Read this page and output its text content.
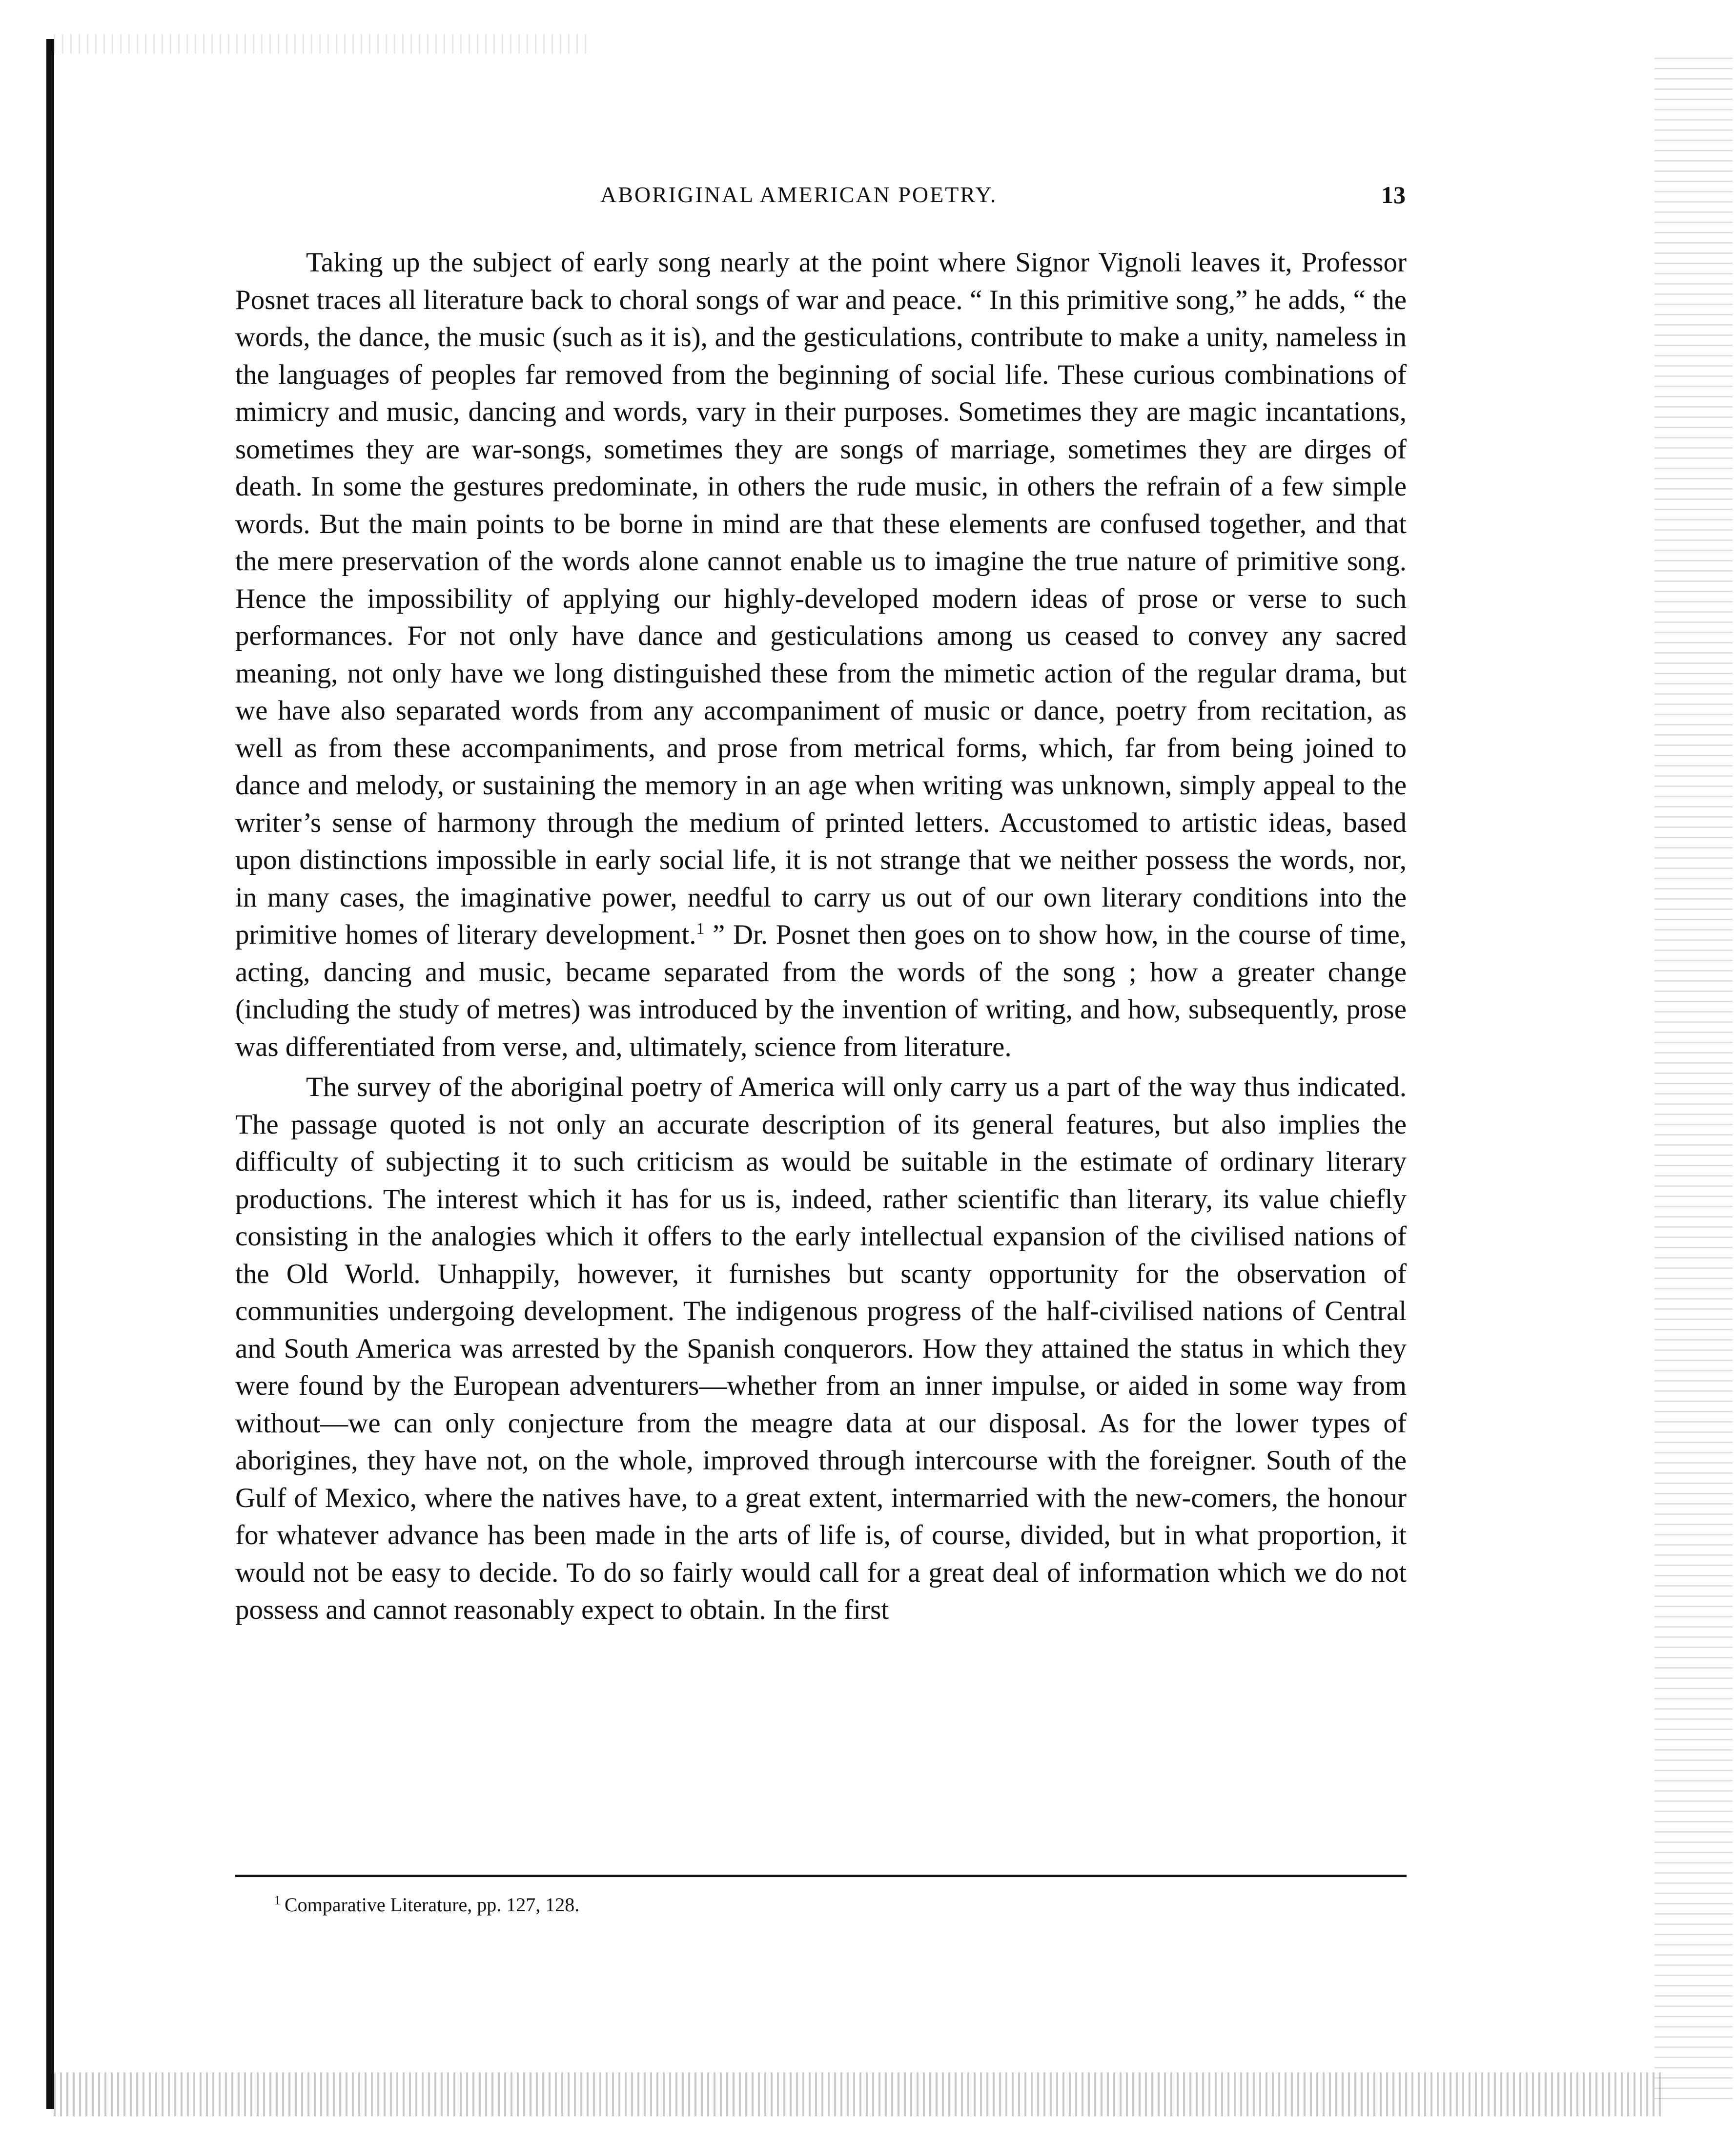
ABORIGINAL AMERICAN POETRY.	13

Taking up the subject of early song nearly at the point where Signor Vignoli leaves it, Professor Posnet traces all literature back to choral songs of war and peace. “ In this primitive song,” he adds, “ the words, the dance, the music (such as it is), and the gesticulations, contribute to make a unity, nameless in the languages of peoples far removed from the beginning of social life. These curious combinations of mimicry and music, dancing and words, vary in their purposes. Sometimes they are magic incantations, sometimes they are war-songs, sometimes they are songs of marriage, sometimes they are dirges of death. In some the gestures predominate, in others the rude music, in others the refrain of a few simple words. But the main points to be borne in mind are that these elements are confused together, and that the mere preservation of the words alone cannot enable us to imagine the true nature of primitive song. Hence the impossibility of applying our highly-developed modern ideas of prose or verse to such performances. For not only have dance and gesticulations among us ceased to convey any sacred meaning, not only have we long distinguished these from the mimetic action of the regular drama, but we have also separated words from any accompaniment of music or dance, poetry from recitation, as well as from these accompaniments, and prose from metrical forms, which, far from being joined to dance and melody, or sustaining the memory in an age when writing was unknown, simply appeal to the writer’s sense of harmony through the medium of printed letters. Accustomed to artistic ideas, based upon distinctions impossible in early social life, it is not strange that we neither possess the words, nor, in many cases, the imaginative power, needful to carry us out of our own literary conditions into the primitive homes of literary development.$^1$ ” Dr. Posnet then goes on to show how, in the course of time, acting, dancing and music, became separated from the words of the song ; how a greater change (including the study of metres) was introduced by the invention of writing, and how, subsequently, prose was differentiated from verse, and, ultimately, science from literature.

The survey of the aboriginal poetry of America will only carry us a part of the way thus indicated. The passage quoted is not only an accurate description of its general features, but also implies the difficulty of subjecting it to such criticism as would be suitable in the estimate of ordinary literary productions. The interest which it has for us is, indeed, rather scientific than literary, its value chiefly consisting in the analogies which it offers to the early intellectual expansion of the civilised nations of the Old World. Unhappily, however, it furnishes but scanty opportunity for the observation of communities undergoing development. The indigenous progress of the half-civilised nations of Central and South America was arrested by the Spanish conquerors. How they attained the status in which they were found by the European adventurers—whether from an inner impulse, or aided in some way from without—we can only conjecture from the meagre data at our disposal. As for the lower types of aborigines, they have not, on the whole, improved through intercourse with the foreigner. South of the Gulf of Mexico, where the natives have, to a great extent, intermarried with the new-comers, the honour for whatever advance has been made in the arts of life is, of course, divided, but in what proportion, it would not be easy to decide. To do so fairly would call for a great deal of information which we do not possess and cannot reasonably expect to obtain. In the first

$^1$ Comparative Literature, pp. 127, 128.
